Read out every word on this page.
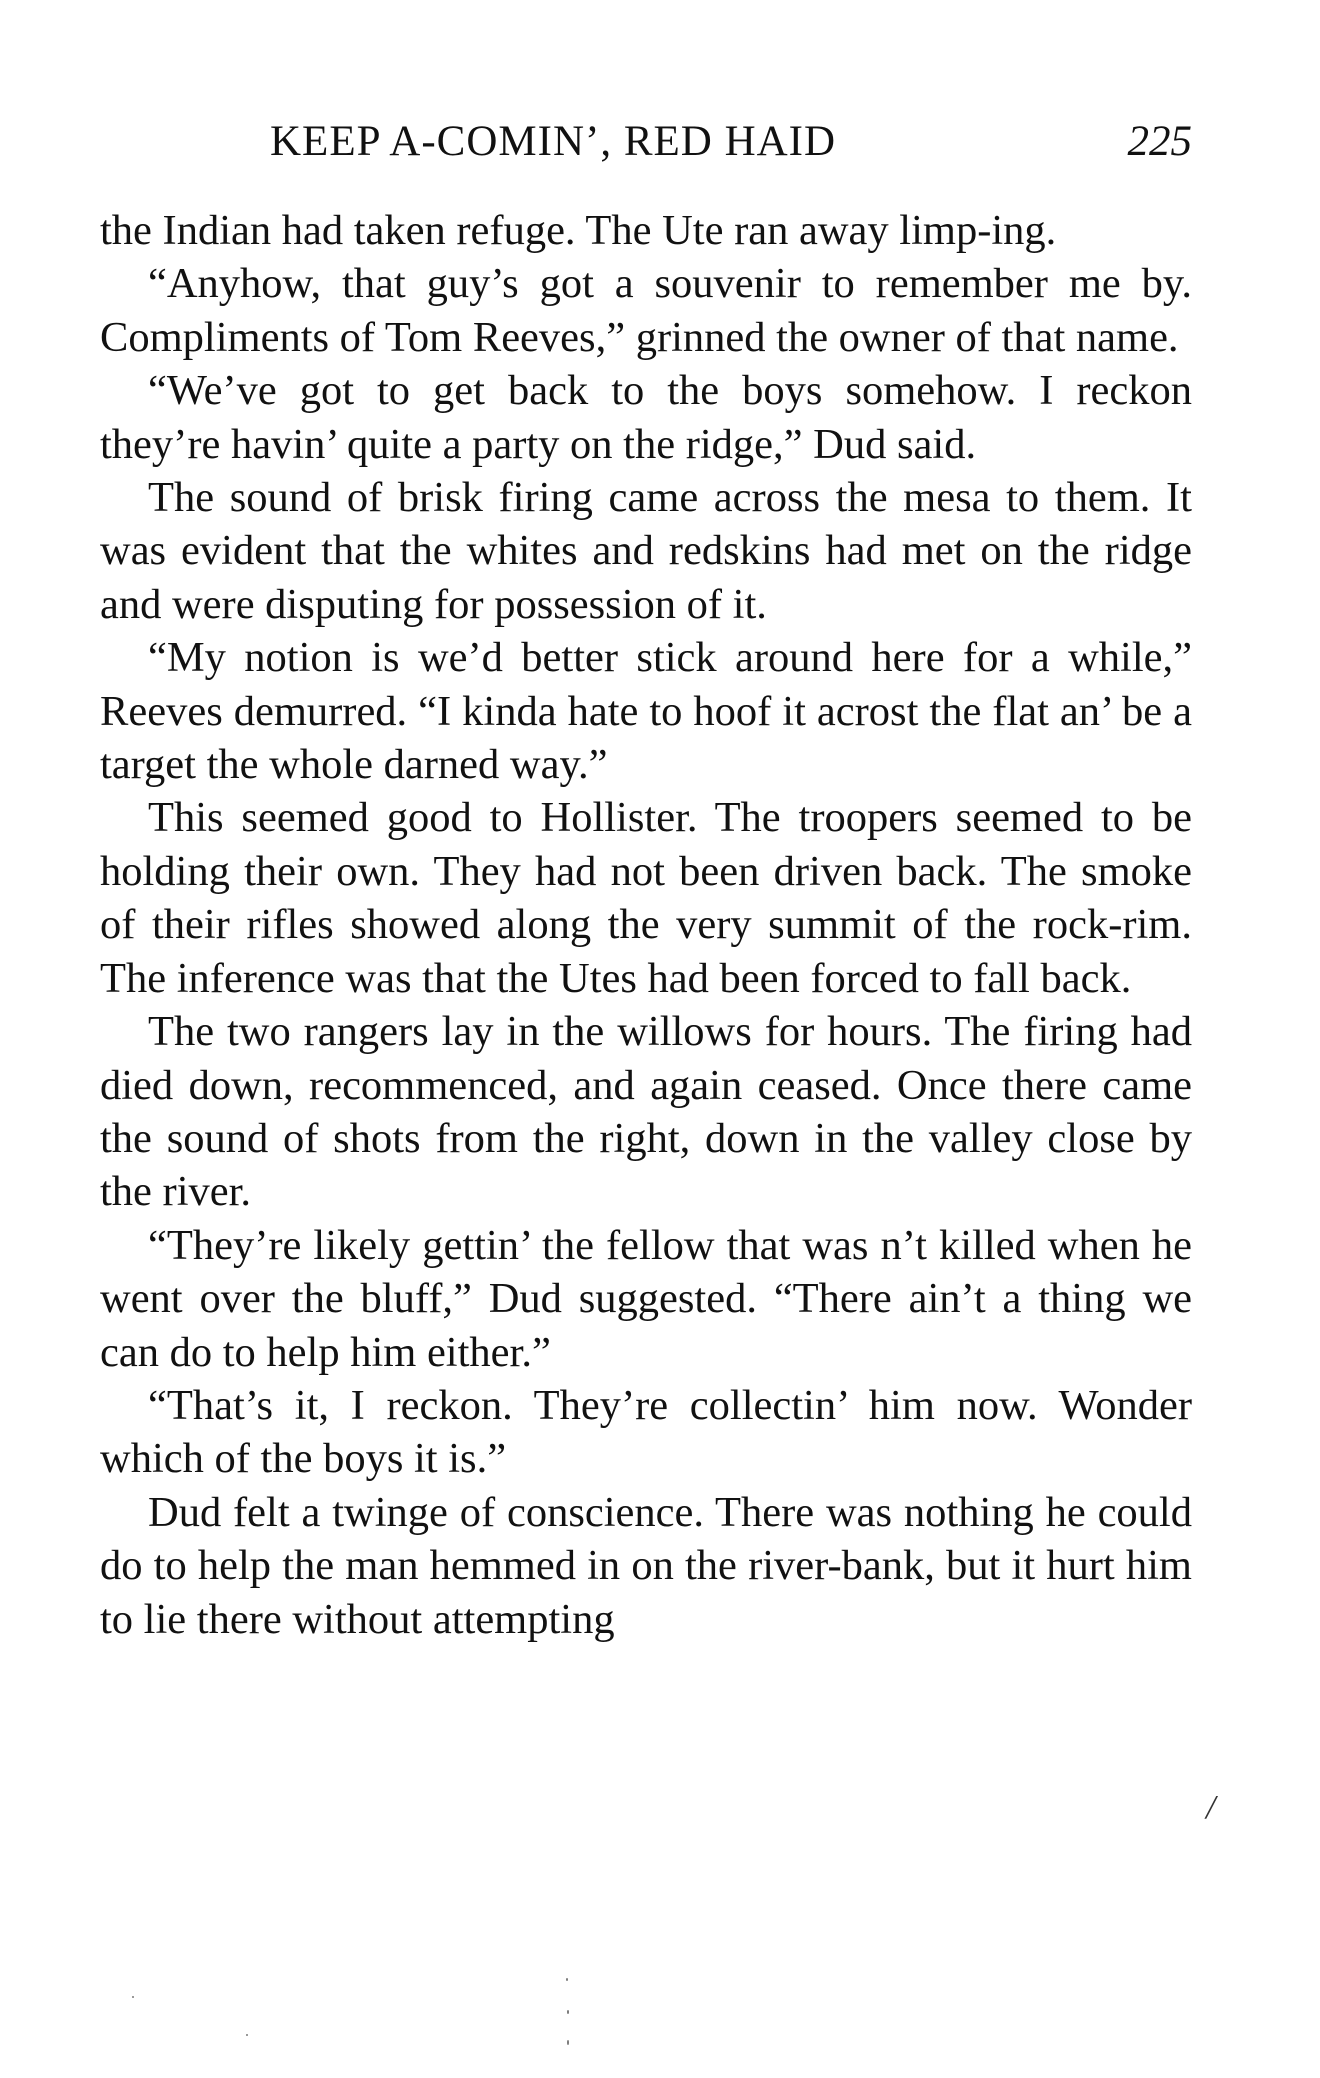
KEEP A-COMIN’, RED HAID	225

the Indian had taken refuge. The Ute ran away limp-ing.

“Anyhow, that guy’s got a souvenir to remember me by. Compliments of Tom Reeves,” grinned the owner of that name.

“We’ve got to get back to the boys somehow. I reckon they’re havin’ quite a party on the ridge,” Dud said.

The sound of brisk firing came across the mesa to them. It was evident that the whites and redskins had met on the ridge and were disputing for possession of it.

“My notion is we’d better stick around here for a while,” Reeves demurred. “I kinda hate to hoof it acrost the flat an’ be a target the whole darned way.”

This seemed good to Hollister. The troopers seemed to be holding their own. They had not been driven back. The smoke of their rifles showed along the very summit of the rock-rim. The inference was that the Utes had been forced to fall back.

The two rangers lay in the willows for hours. The firing had died down, recommenced, and again ceased. Once there came the sound of shots from the right, down in the valley close by the river.

“They’re likely gettin’ the fellow that was n’t killed when he went over the bluff,” Dud suggested. “There ain’t a thing we can do to help him either.”

“That’s it, I reckon. They’re collectin’ him now. Wonder which of the boys it is.”

Dud felt a twinge of conscience. There was nothing he could do to help the man hemmed in on the river-bank, but it hurt him to lie there without attempting

/
